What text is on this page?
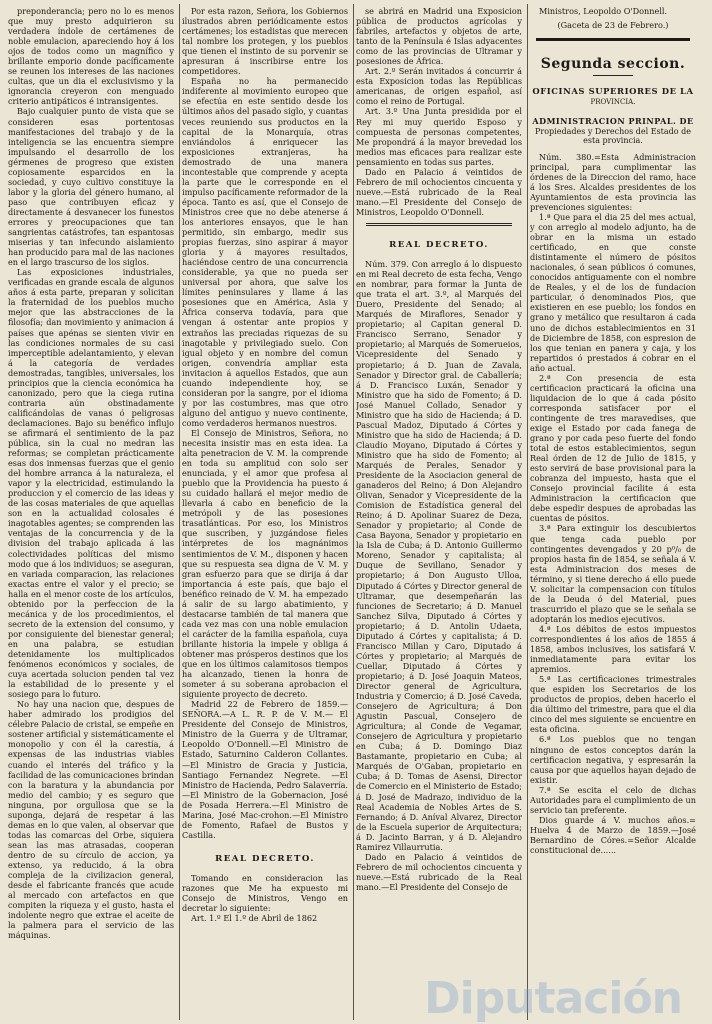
preponderancia; pero no lo es menos que muy presto adquirieron su verdadera índole de certámenes de noble emulacion, apareciendo hoy á los ojos de todos como un magnífico y brillante emporio donde pacíficamente se reunen los intereses de las naciones cultas, que un dia el exclusivismo y la ignorancia creyeron con menguado criterio antipáticos é intransigentes.

Bajo cualquier punto de vista que se consideren esas portentosas manifestaciones del trabajo y de la inteligencia se las encuentra siempre impulsando el desarrollo de los gérmenes de progreso que existen copiosamente esparcidos en la sociedad, y cuyo cultivo constituye la labor y la gloria del género humano, al paso que contribuyen eficaz y directamente á desvanecer los funestos errores y preocupaciones que tan sangrientas catástrofes, tan espantosas miserias y tan infecundo aislamiento han producido para mal de las naciones en el largo trascurso de los siglos.

Las exposiciones industriales, verificadas en grande escala de algunos años á esta parte, preparan y solicitan la fraternidad de los pueblos mucho mejor que las abstracciones de la filosofía; dan movimiento y animacion á países que apénas se sienten vivir en las condiciones normales de su casi imperceptible adelantamiento, y elevan á la categoría de verdades demostradas, tangibles, universales, los principios que la ciencia económica ha canonizado, pero que la ciega rutina contraria aún obstinadamente calificándolas de vanas ó peligrosas declamaciones. Bajo su benéfico influjo se afirmará el sentimiento de la paz pública, sin la cual no medran las reformas; se completan prácticamente esas dos inmensas fuerzas que el genio del hombre arranca á la naturaleza, el vapor y la electricidad, estimulando la produccion y el comercio de las ideas y de las cosas materiales de que aquellas son en la actualidad colosales é inagotables agentes; se comprenden las ventajas de la concurrencia y de la division del trabajo aplicada á las colectividades políticas del mismo modo que á los individuos; se aseguran, en variada comparacion, las relaciones exactas entre el valor y el precio; se halla en el menor coste de los artículos, obtenido por la perfeccion de la mecánica y de los procedimientos, el secreto de la extension del consumo, y por consiguiente del bienestar general; en una palabra, se estudian detenidamente los multiplicados fenómenos económicos y sociales, de cuya acertada solucion penden tal vez la estabilidad de lo presente y el sosiego para lo futuro.

No hay una nacion que, despues de haber admirado los prodigios del célebre Palacio de cristal, se empeñe en sostener artificial y sistemáticamente el monopolio y con él la carestía, á expensas de las industrias viables cuando el interés del tráfico y la facilidad de las comunicaciones brindan con la baratura y la abundancia por medio del cambio; y es seguro que ninguna, por orgullosa que se la suponga, dejará de respetar á las demas en lo que valen, al observar que todas las comarcas del Orbe, siquiera sean las mas atrasadas, cooperan dentro de su círculo de accion, ya extenso, ya reducido, á la obra compleja de la civilizacion general, desde el fabricante francés que acude al mercado con artefactos en que compiten la riqueza y el gusto, hasta el indolente negro que extrae el aceite de la palmera para el servicio de las máquinas.

Por esta razon, Señora, los Gobiernos ilustrados abren periódicamente estos certámenes; los estadistas que merecen tal nombre los protegen, y los pueblos que tienen el instinto de su porvenir se apresuran á inscribirse entre los competidores.

España no ha permanecido indiferente al movimiento europeo que se efectúa en este sentido desde los últimos años del pasado siglo, y cuantas veces reuniendo sus productos en la capital de la Monarquía, otras enviándolos á enriquecer las exposiciones extranjeras, ha demostrado de una manera incontestable que comprende y acepta la parte que le corresponde en el impulso pacíficamente reformador de la época. Tanto es así, que el Consejo de Ministros cree que no debe atenerse á los anteriores ensayos, que le han permitido, sin embargo, medir sus propias fuerzas, sino aspirar á mayor gloria y á mayores resultados, haciéndose centro de una concurrencia considerable, ya que no pueda ser universal por ahora, que salve los límites peninsulares y llame á las posesiones que en América, Asia y África conserva todavía, para que vengan á ostentar ante propios y extraños las preciadas riquezas de su inagotable y privilegiado suelo. Con igual objeto y en nombre del comun origen, convendría ampliar esta invitacion á aquellos Estados, que aun cuando independiente hoy, se consideran por la sangre, por el idioma y por las costumbres, mas que otro alguno del antiguo y nuevo continente, como verdaderos hermanos nuestros.

El Consejo de Ministros, Señora, no necesita insistir mas en esta idea. La alta penetracion de V. M. la comprende en toda su amplitud con solo ser enunciada, y el amor que profesa al pueblo que la Providencia ha puesto á su cuidado hallará el mejor medio de llevarla á cabo en beneficio de la metrópoli y de las posesiones trasatlánticas. Por eso, los Ministros que suscriben, y juzgándose fieles intérpretes de los magnánimos sentimientos de V. M., disponen y hacen que su respuesta sea digna de V. M. y gran esfuerzo para que se dirija á dar importancia á este país, que bajo el benéfico reinado de V. M. ha empezado á salir de su largo abatimiento, y destacarse también de tal manera que cada vez mas con una noble emulacion el carácter de la familia española, cuya brillante historia la impele y obliga á obtener mas prósperos destinos que los que en los últimos calamitosos tiempos ha alcanzado, tienen la honra de someter á su soberana aprobacion el siguiente proyecto de decreto.

Madrid 22 de Febrero de 1859.— SEÑORA.—A L. R. P. de V. M.— El Presidente del Consejo de Ministros, Ministro de la Guerra y de Ultramar, Leopoldo O'Donnell.—El Ministro de Estado, Saturnino Calderon Collantes.—El Ministro de Gracia y Justicia, Santiago Fernandez Negrete. —El Ministro de Hacienda, Pedro Salaverría.—El Ministro de la Gobernacion, José de Posada Herrera.—El Ministro de Marina, José Mac-crohon.—El Ministro de Fomento, Rafael de Bustos y Castilla.

REAL DECRETO.

Tomando en consideracion las razones que Me ha expuesto mi Consejo de Ministros, Vengo en decretar lo siguiente:

Art. 1.º El 1.º de Abril de 1862

se abrirá en Madrid una Exposicion pública de productos agrícolas y fabriles, artefactos y objetos de arte, tanto de la Península é Islas adyacentes como de las provincias de Ultramar y posesiones de África.

Art. 2.º Serán invitados á concurrir á esta Exposicion todas las Repúblicas americanas, de origen español, así como el reino de Portugal.

Art. 3.º Una Junta presidida por el Rey mi muy querido Esposo y compuesta de personas competentes, Me propondrá á la mayor brevedad los medios mas eficaces para realizar este pensamiento en todas sus partes.

Dado en Palacio á veintidos de Febrero de mil ochocientos cincuenta y nueve.—Está rubricado de la Real mano.—El Presidente del Consejo de Ministros, Leopoldo O'Donnell.

REAL DECRETO.

Núm. 379. Con arreglo á lo dispuesto en mi Real decreto de esta fecha, Vengo en nombrar, para formar la Junta de que trata el art. 3.º, al Marqués del Duero, Presidente del Senado; al Marqués de Miraflores, Senador y propietario; al Capitan general D. Francisco Serrano, Senador y propietario; al Marqués de Somerueios, Vicepresidente del Senado y propietario; á D. Juan de Zavala, Senador y Director gral. de Caballería; á D. Francisco Luxán, Senador y Ministro que ha sido de Fomento; á D. José Manuel Collado, Senador y Ministro que ha sido de Hacienda; á D. Pascual Madoz, Diputado á Córtes y Ministro que ha sido de Hacienda; á D. Claudio Moyano, Diputado á Córtes y Ministro que ha sido de Fomento; al Marqués de Perales, Senador y Presidente de la Asociacion general de ganaderos del Reino; á Don Alejandro Olivan, Senador y Vicepresidente de la Comision de Estadística general del Reino; á D. Apolinar Suarez de Deza, Senador y propietario; al Conde de Casa Bayona, Senador y propietario en la Isla de Cuba; á D. Antonio Guillermo Moreno, Senador y capitalista; al Duque de Sevillano, Senador y propietario; á Don Augusto Ulloa, Diputado á Córtes y Director general de Ultramar, que desempeñarán las funciones de Secretario; á D. Manuel Sanchez Silva, Diputado á Córtes y propietario; á D. Antolin Udaeta, Diputado á Córtes y capitalista; á D. Francisco Millan y Caro, Diputado á Córtes y propietario; al Marqués de Cuellar, Diputado á Córtes y propietario; á D. José Joaquin Mateos, Director general de Agricultura, Industria y Comercio; á D. José Caveda, Consejero de Agricultura; á Don Agustin Pascual, Consejero de Agricultura; al Conde de Vegamar, Consejero de Agricultura y propietario en Cuba; á D. Domingo Diaz Bastamante, propietario en Cuba; al Marqués de O'Gaban, propietario en Cuba; á D. Tomas de Asensi, Director de Comercio en el Ministerio de Estado; á D. José de Madrazo, individuo de la Real Academia de Nobles Artes de S. Fernando; á D. Aníval Alvarez, Director de la Escuela superior de Arquitectura; á D. Jacinto Barran, y á D. Alejandro Ramirez Villaurrutia.

Dado en Palacio á veintidos de Febrero de mil ochocientos cincuenta y nueve.—Está rubricado de la Real mano.—El Presidente del Consejo de

Ministros, Leopoldo O'Donnell.

(Gaceta de 23 de Febrero.)
Segunda seccion.
OFICINAS SUPERIORES DE LA
PROVINCIA.
ADMINISTRACION PRINPAL. DE
Propiedades y Derechos del Estado de esta provincia.

Núm. 380.=Esta Administracion principal, para cumplimentar las órdenes de la Direccion del ramo, hace á los Sres. Alcaldes presidentes de los Ayuntamientos de esta provincia las prevenciones siguientes:

1.ª Que para el dia 25 del mes actual, y con arreglo al modelo adjunto, ha de obrar en la misma un estado certificado, en que conste distintamente el número de pósitos nacionales, ó sean públicos ó comunes, conocidos antiguamente con el nombre de Reales, y el de los de fundacion particular, ó denominados Pios, que existieren en ese pueblo; los fondos en grano y metálico que resultaron á cada uno de dichos establecimientos en 31 de Diciembre de 1858, con espresion de los que tenian en panera y caja, y los repartidos ó prestados á cobrar en el año actual.

2.ª Con presencia de esta certificacion practicará la oficina una liquidacion de lo que á cada pósito corresponda satisfacer por el contingente de tres maravedises, que exige el Estado por cada fanega de grano y por cada peso fuerte del fondo total de estos establecimientos, segun Real órden de 12 de Julio de 1815, y esto servirá de base provisional para la cobranza del impuesto, hasta que el Consejo provincial facilite á esta Administracion la certificacion que debe espedir despues de aprobadas las cuentas de pósitos.

3.ª Para extinguir los descubiertos que tenga cada pueblo por contingentes devengados y 20 p⁰/₀ de propios hasta fin de 1854, se señala á V. esta Administracion dos meses de término, y si tiene derecho á ello puede V. solicitar la compensacion con títulos de la Deuda ó del Material, pues trascurrido el plazo que se le señala se adoptarán los medios ejecutivos.

4.ª Los débitos de estos impuestos correspondientes á los años de 1855 á 1858, ambos inclusives, los satisfará V. inmediatamente para evitar los apremios.

5.ª Las certificaciones trimestrales que espiden los Secretarios de los productos de propios, deben hacerlo el dia último del trimestre, para que el dia cinco del mes siguiente se encuentre en esta oficina.

6.ª Los pueblos que no tengan ninguno de estos conceptos darán la certificacion negativa, y espresarán la causa por que aquellos hayan dejado de existir.

7.ª Se escita el celo de dichas Autoridades para el cumplimiento de un servicio tan preferente.

Dios guarde á V. muchos años.= Huelva 4 de Marzo de 1859.—José Bernardino de Córes.=Señor Alcalde constitucional de......

Diputación
